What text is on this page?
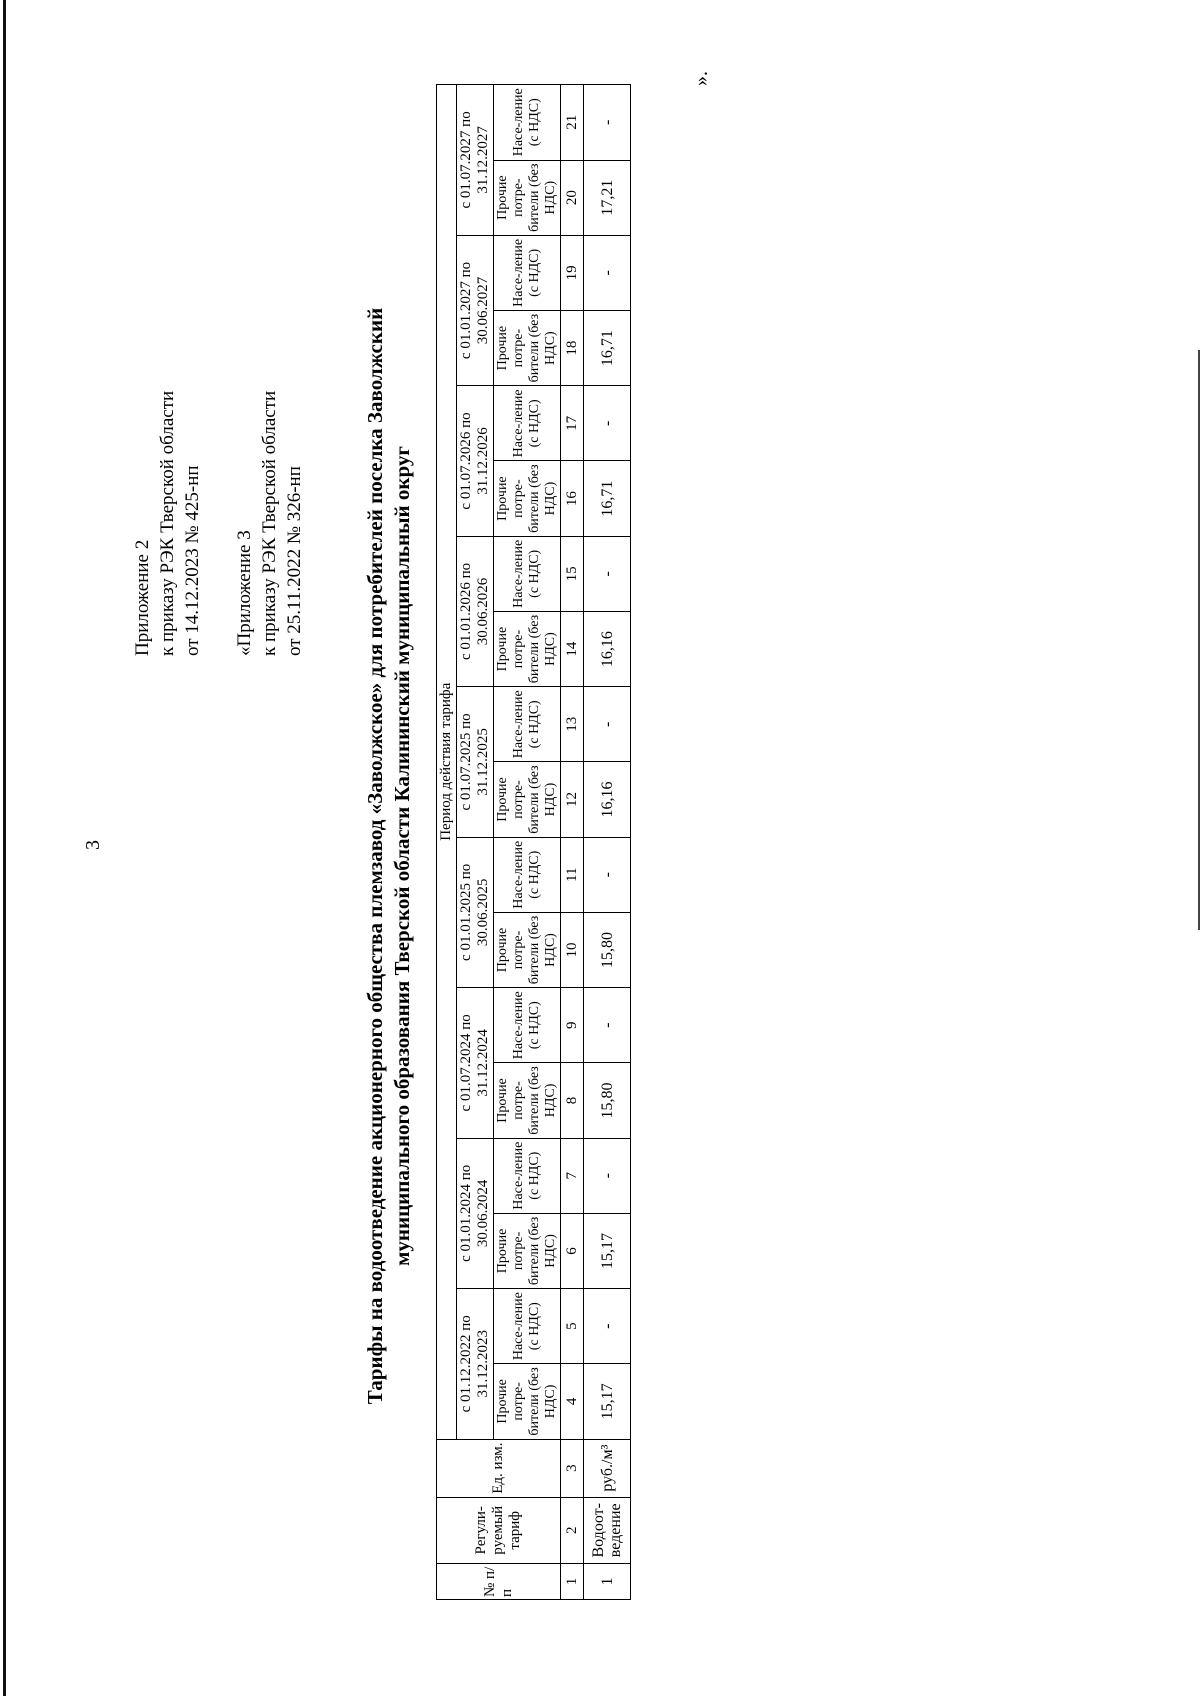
3
Приложение 2 к приказу РЭК Тверской области от 14.12.2023 № 425-нп «Приложение 3 к приказу РЭК Тверской области от 25.11.2022 № 326-нп	Тарифы на водоотведение акционерного общества племзавод «Заволжское» для потребителей поселка Заволжский муниципального образования Тверской области Калининский муниципальный округ
№ п/п	Регули-руемый тариф	Ед. изм.	Период действия тарифа																	
			с 01.12.2022 по 31.12.2023		с 01.01.2024 по 30.06.2024		с 01.07.2024 по 31.12.2024		с 01.01.2025 по 30.06.2025		с 01.07.2025 по 31.12.2025		с 01.01.2026 по 30.06.2026		с 01.07.2026 по 31.12.2026		с 01.01.2027 по 30.06.2027		с 01.07.2027 по 31.12.2027	
			Прочие потре-бители (без НДС)	Насе-ление (с НДС)	Прочие потре-бители (без НДС)	Насе-ление (с НДС)	Прочие потре-бители (без НДС)	Насе-ление (с НДС)	Прочие потре-бители (без НДС)	Насе-ление (с НДС)	Прочие потре-бители (без НДС)	Насе-ление (с НДС)	Прочие потре-бители (без НДС)	Насе-ление (с НДС)	Прочие потре-бители (без НДС)	Насе-ление (с НДС)	Прочие потре-бители (без НДС)	Насе-ление (с НДС)	Прочие потре-бители (без НДС)	Насе-ление (с НДС)
1	2	3	4	5	6	7	8	9	10	11	12	13	14	15	16	17	18	19	20	21
1	Водоот-ведение	руб./м³	15,17	-	15,17	-	15,80	-	15,80	-	16,16	-	16,16	-	16,71	-	16,71	-	17,21	-
».
